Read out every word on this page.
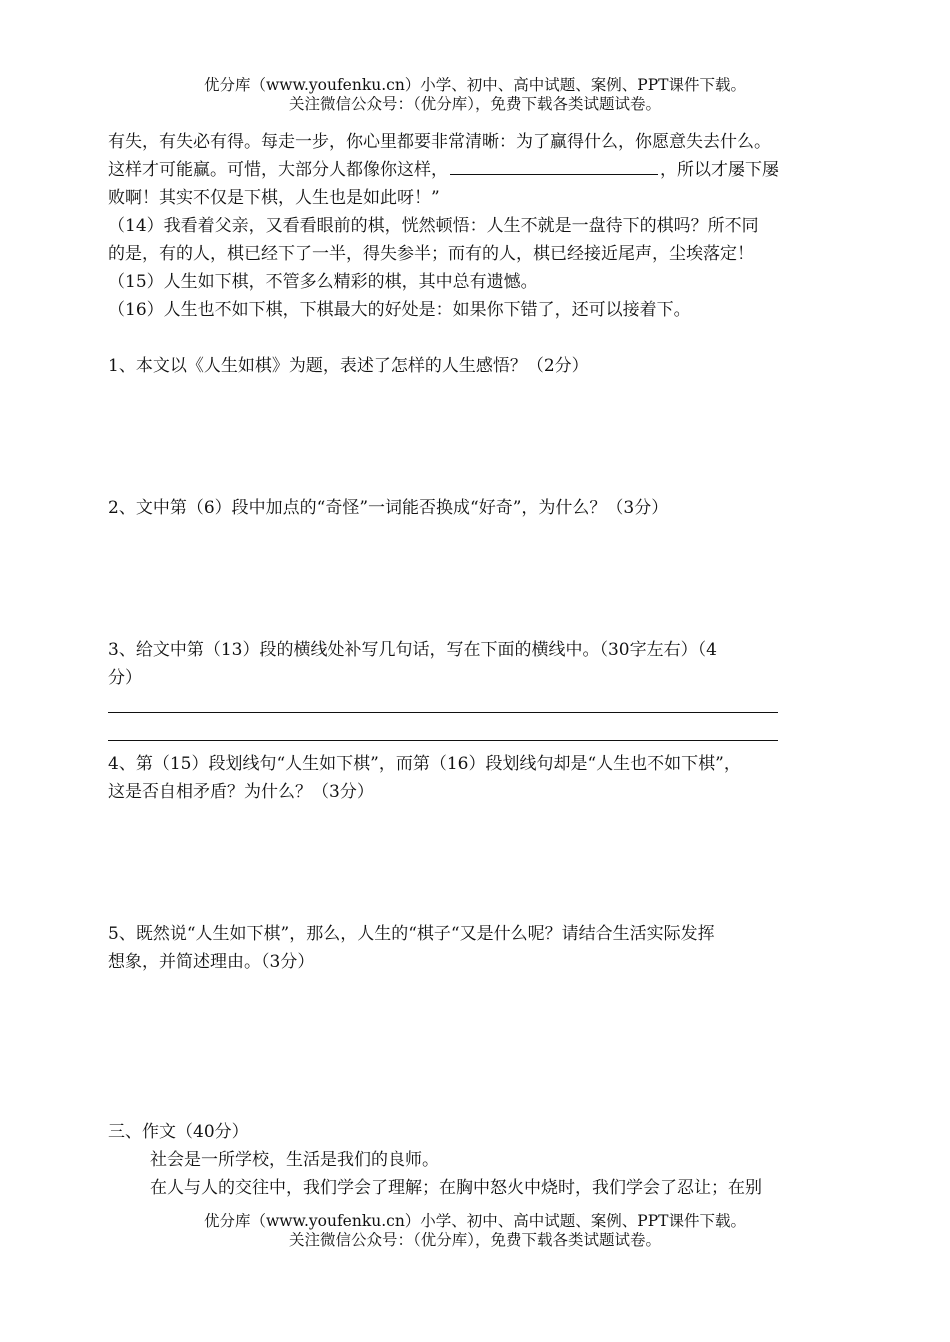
优分库（www.youfenku.cn）小学、初中、高中试题、案例、PPT课件下载。
关注微信公众号：（优分库），免费下载各类试题试卷。
有失，有失必有得。每走一步，你心里都要非常清晰：为了赢得什么，你愿意失去什么。
这样才可能赢。可惜，大部分人都像你这样，	，所以才屡下屡
败啊！其实不仅是下棋，人生也是如此呀！”
（14）我看着父亲，又看看眼前的棋，恍然顿悟：人生不就是一盘待下的棋吗？所不同
的是，有的人，棋已经下了一半，得失参半；而有的人，棋已经接近尾声，尘埃落定！
（15）人生如下棋，不管多么精彩的棋，其中总有遗憾。
（16）人生也不如下棋，下棋最大的好处是：如果你下错了，还可以接着下。
1、本文以《人生如棋》为题，表述了怎样的人生感悟？（2分）
2、文中第（6）段中加点的“奇怪”一词能否换成“好奇”，为什么？（3分）
3、给文中第（13）段的横线处补写几句话，写在下面的横线中。（30字左右）（4
分）
4、第（15）段划线句“人生如下棋”，而第（16）段划线句却是“人生也不如下棋”，
这是否自相矛盾？为什么？（3分）
5、既然说“人生如下棋”，那么，人生的“棋子“又是什么呢？请结合生活实际发挥
想象，并简述理由。（3分）
三、作文（40分）
社会是一所学校，生活是我们的良师。
在人与人的交往中，我们学会了理解；在胸中怒火中烧时，我们学会了忍让；在别
优分库（www.youfenku.cn）小学、初中、高中试题、案例、PPT课件下载。
关注微信公众号：（优分库），免费下载各类试题试卷。
